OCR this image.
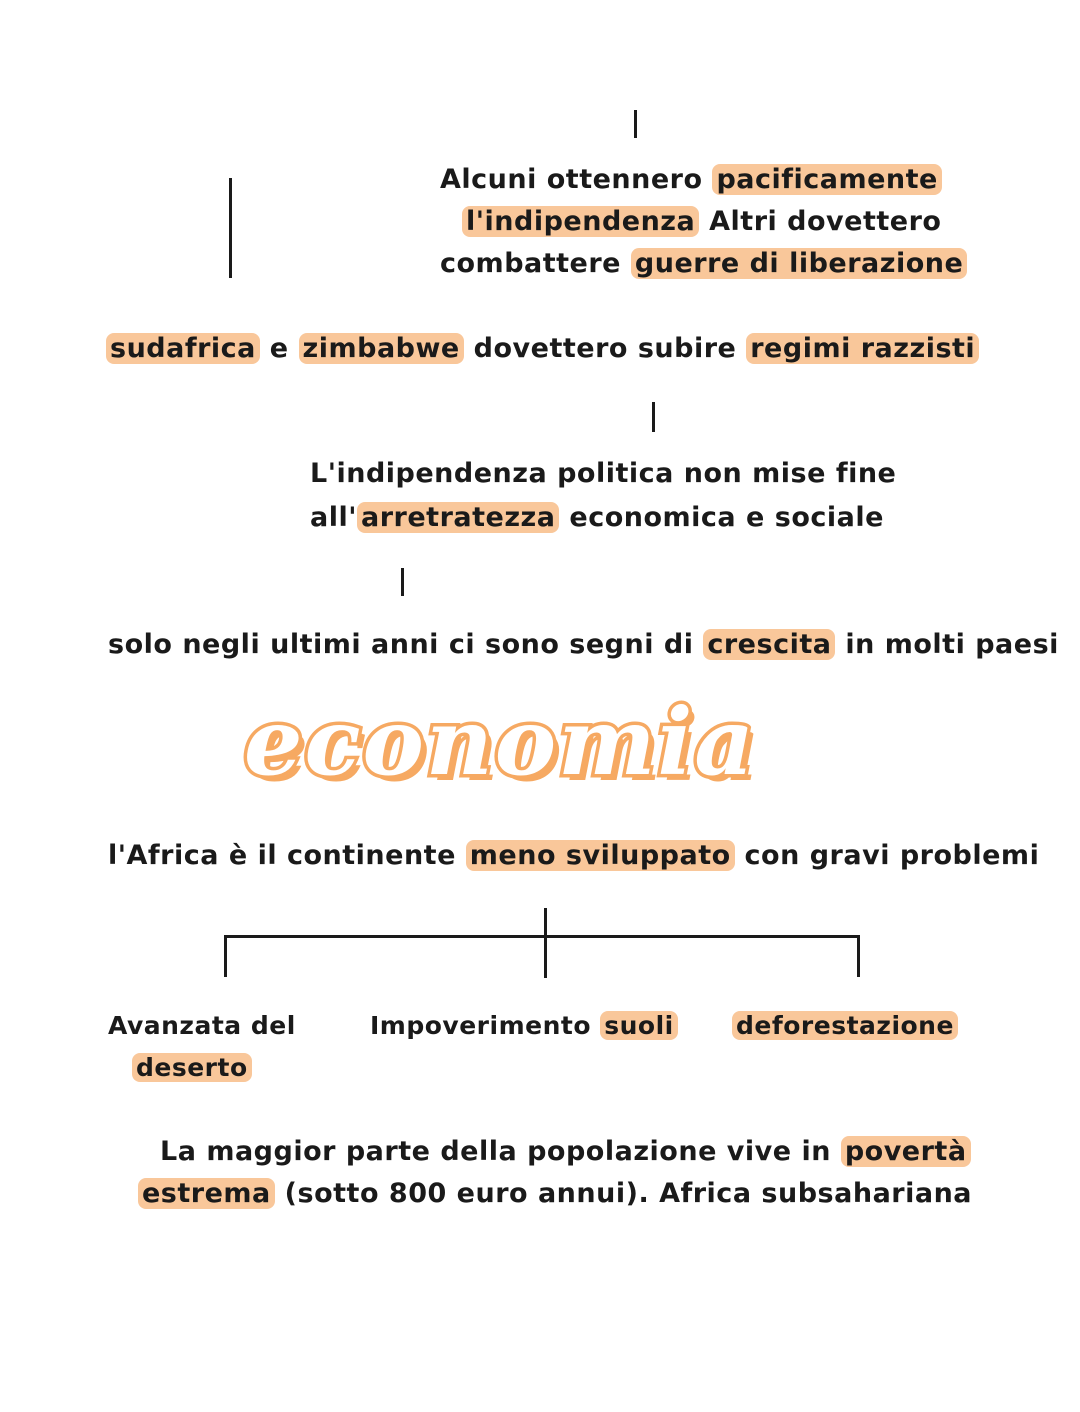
Alcuni ottennero pacificamente
l'indipendenza Altri dovettero
combattere guerre di liberazione
sudafrica e zimbabwe dovettero subire regimi razzisti
L'indipendenza politica non mise fine
all' arretratezza economica e sociale
solo negli ultimi anni ci sono segni di crescita in molti paesi
economia
l'Africa è il continente meno sviluppato con gravi problemi
Avanzata del
deserto
Impoverimento suoli deforestazione
La maggior parte della popolazione vive in povertà
estrema (sotto 800 euro annui). Africa subsahariana
